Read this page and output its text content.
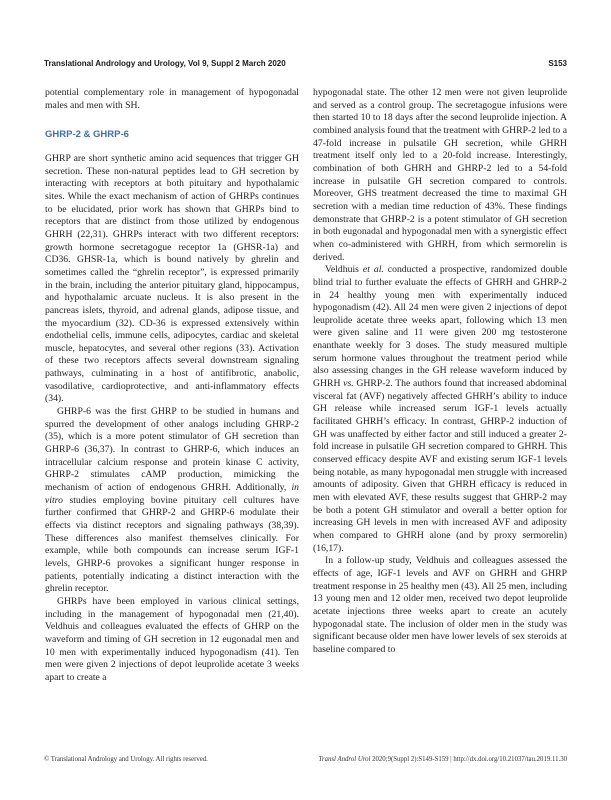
Translational Andrology and Urology, Vol 9, Suppl 2 March 2020	S153

potential complementary role in management of hypogonadal males and men with SH.

GHRP-2 & GHRP-6

GHRP are short synthetic amino acid sequences that trigger GH secretion. These non-natural peptides lead to GH secretion by interacting with receptors at both pituitary and hypothalamic sites. While the exact mechanism of action of GHRPs continues to be elucidated, prior work has shown that GHRPs bind to receptors that are distinct from those utilized by endogenous GHRH (22,31). GHRPs interact with two different receptors: growth hormone secretagogue receptor 1a (GHSR-1a) and CD36. GHSR-1a, which is bound natively by ghrelin and sometimes called the “ghrelin receptor”, is expressed primarily in the brain, including the anterior pituitary gland, hippocampus, and hypothalamic arcuate nucleus. It is also present in the pancreas islets, thyroid, and adrenal glands, adipose tissue, and the myocardium (32). CD-36 is expressed extensively within endothelial cells, immune cells, adipocytes, cardiac and skeletal muscle, hepatocytes, and several other regions (33). Activation of these two receptors affects several downstream signaling pathways, culminating in a host of antifibrotic, anabolic, vasodilative, cardioprotective, and anti-inflammatory effects (34).

GHRP-6 was the first GHRP to be studied in humans and spurred the development of other analogs including GHRP-2 (35), which is a more potent stimulator of GH secretion than GHRP-6 (36,37). In contrast to GHRP-6, which induces an intracellular calcium response and protein kinase C activity, GHRP-2 stimulates cAMP production, mimicking the mechanism of action of endogenous GHRH. Additionally, in vitro studies employing bovine pituitary cell cultures have further confirmed that GHRP-2 and GHRP-6 modulate their effects via distinct receptors and signaling pathways (38,39). These differences also manifest themselves clinically. For example, while both compounds can increase serum IGF-1 levels, GHRP-6 provokes a significant hunger response in patients, potentially indicating a distinct interaction with the ghrelin receptor.

GHRPs have been employed in various clinical settings, including in the management of hypogonadal men (21,40). Veldhuis and colleagues evaluated the effects of GHRP on the waveform and timing of GH secretion in 12 eugonadal men and 10 men with experimentally induced hypogonadism (41). Ten men were given 2 injections of depot leuprolide acetate 3 weeks apart to create a

hypogonadal state. The other 12 men were not given leuprolide and served as a control group. The secretagogue infusions were then started 10 to 18 days after the second leuprolide injection. A combined analysis found that the treatment with GHRP-2 led to a 47-fold increase in pulsatile GH secretion, while GHRH treatment itself only led to a 20-fold increase. Interestingly, combination of both GHRH and GHRP-2 led to a 54-fold increase in pulsatile GH secretion compared to controls. Moreover, GHS treatment decreased the time to maximal GH secretion with a median time reduction of 43%. These findings demonstrate that GHRP-2 is a potent stimulator of GH secretion in both eugonadal and hypogonadal men with a synergistic effect when co-administered with GHRH, from which sermorelin is derived.

Veldhuis et al. conducted a prospective, randomized double blind trial to further evaluate the effects of GHRH and GHRP-2 in 24 healthy young men with experimentally induced hypogonadism (42). All 24 men were given 2 injections of depot leuprolide acetate three weeks apart, following which 13 men were given saline and 11 were given 200 mg testosterone enanthate weekly for 3 doses. The study measured multiple serum hormone values throughout the treatment period while also assessing changes in the GH release waveform induced by GHRH vs. GHRP-2. The authors found that increased abdominal visceral fat (AVF) negatively affected GHRH’s ability to induce GH release while increased serum IGF-1 levels actually facilitated GHRH’s efficacy. In contrast, GHRP-2 induction of GH was unaffected by either factor and still induced a greater 2-fold increase in pulsatile GH secretion compared to GHRH. This conserved efficacy despite AVF and existing serum IGF-1 levels being notable, as many hypogonadal men struggle with increased amounts of adiposity. Given that GHRH efficacy is reduced in men with elevated AVF, these results suggest that GHRP-2 may be both a potent GH stimulator and overall a better option for increasing GH levels in men with increased AVF and adiposity when compared to GHRH alone (and by proxy sermorelin) (16,17).

In a follow-up study, Veldhuis and colleagues assessed the effects of age, IGF-1 levels and AVF on GHRH and GHRP treatment response in 25 healthy men (43). All 25 men, including 13 young men and 12 older men, received two depot leuprolide acetate injections three weeks apart to create an acutely hypogonadal state. The inclusion of older men in the study was significant because older men have lower levels of sex steroids at baseline compared to

© Translational Andrology and Urology. All rights reserved.	Transl Androl Urol 2020;9(Suppl 2):S149-S159 | http://dx.doi.org/10.21037/tau.2019.11.30
